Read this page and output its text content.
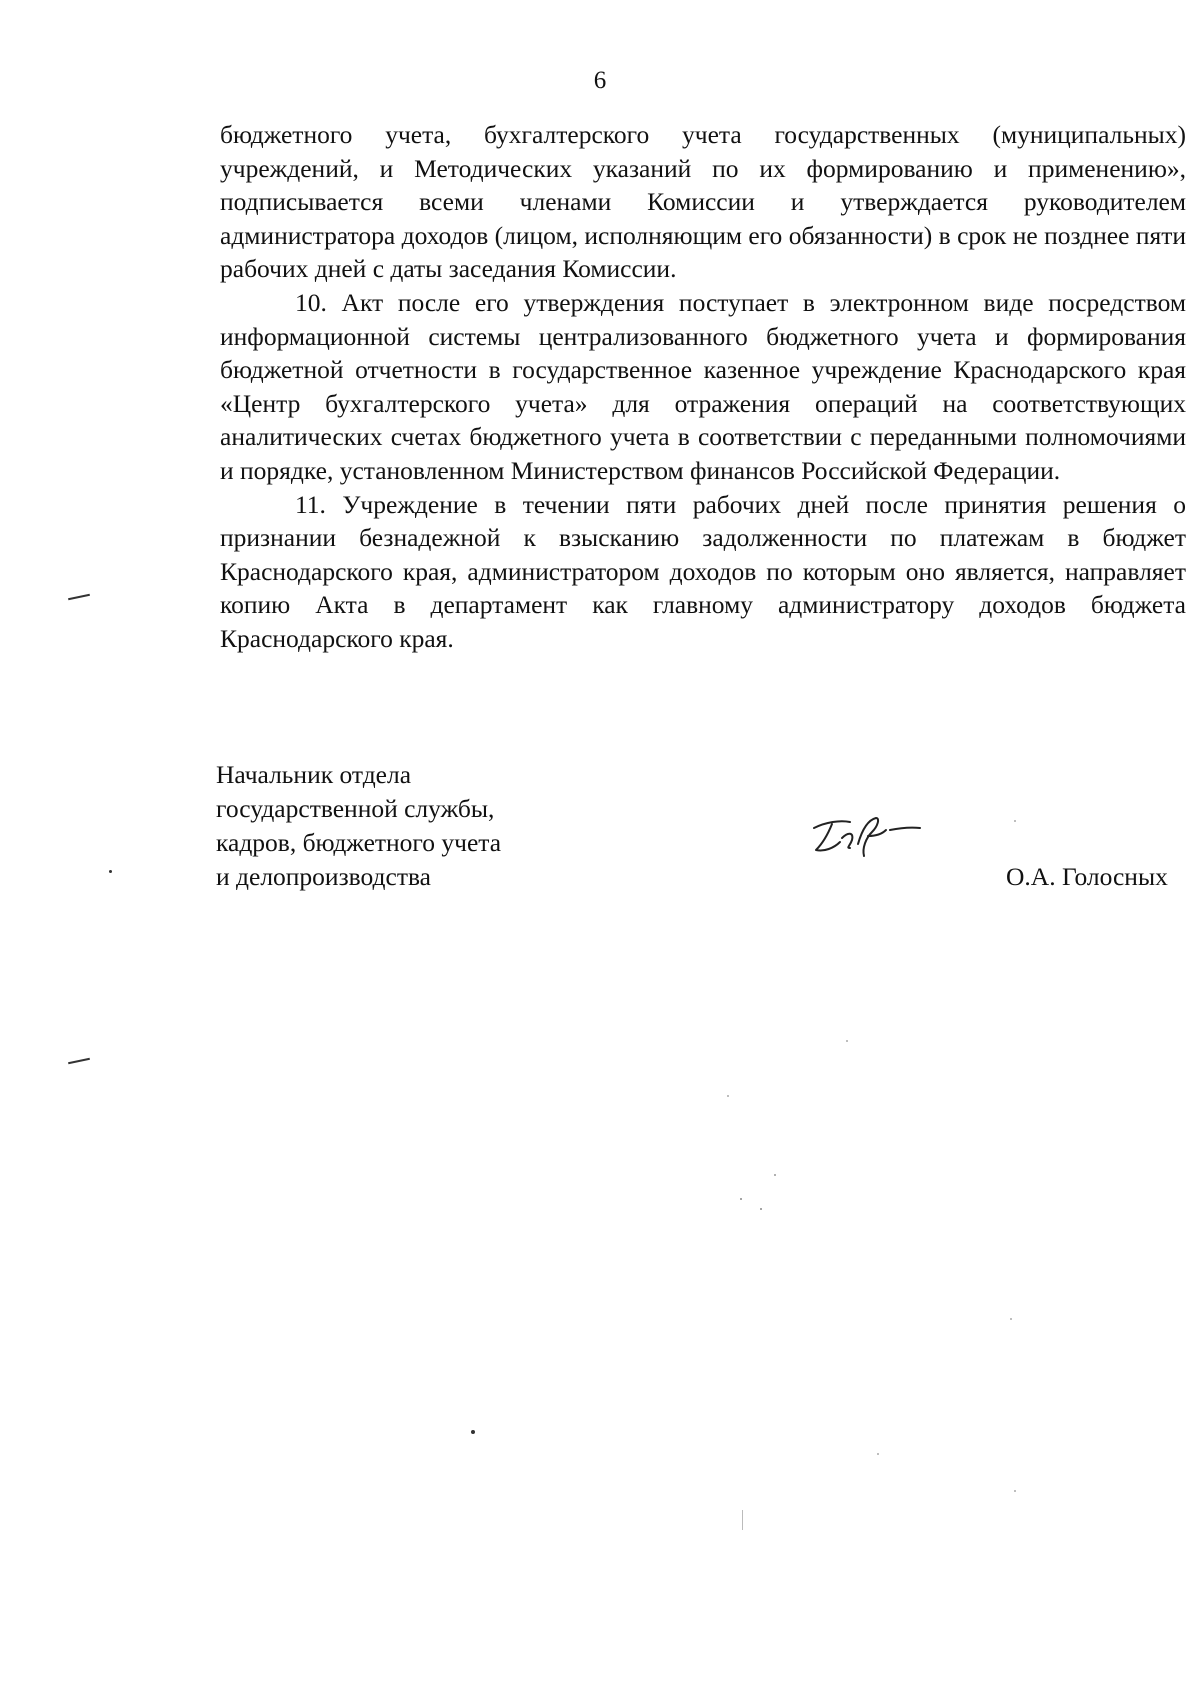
6

бюджетного учета, бухгалтерского учета государственных (муниципальных) учреждений, и Методических указаний по их формированию и применению», подписывается всеми членами Комиссии и утверждается руководителем администратора доходов (лицом, исполняющим его обязанности) в срок не позднее пяти рабочих дней с даты заседания Комиссии.

10. Акт после его утверждения поступает в электронном виде посредством информационной системы централизованного бюджетного учета и формирования бюджетной отчетности в государственное казенное учреждение Краснодарского края «Центр бухгалтерского учета» для отражения операций на соответствующих аналитических счетах бюджетного учета в соответствии с переданными полномочиями и порядке, установленном Министерством финансов Российской Федерации.

11. Учреждение в течении пяти рабочих дней после принятия решения о признании безнадежной к взысканию задолженности по платежам в бюджет Краснодарского края, администратором доходов по которым оно является, направляет копию Акта в департамент как главному администратору доходов бюджета Краснодарского края.

Начальник отдела
государственной службы,
кадров, бюджетного учета
и делопроизводства	О.А. Голосных
